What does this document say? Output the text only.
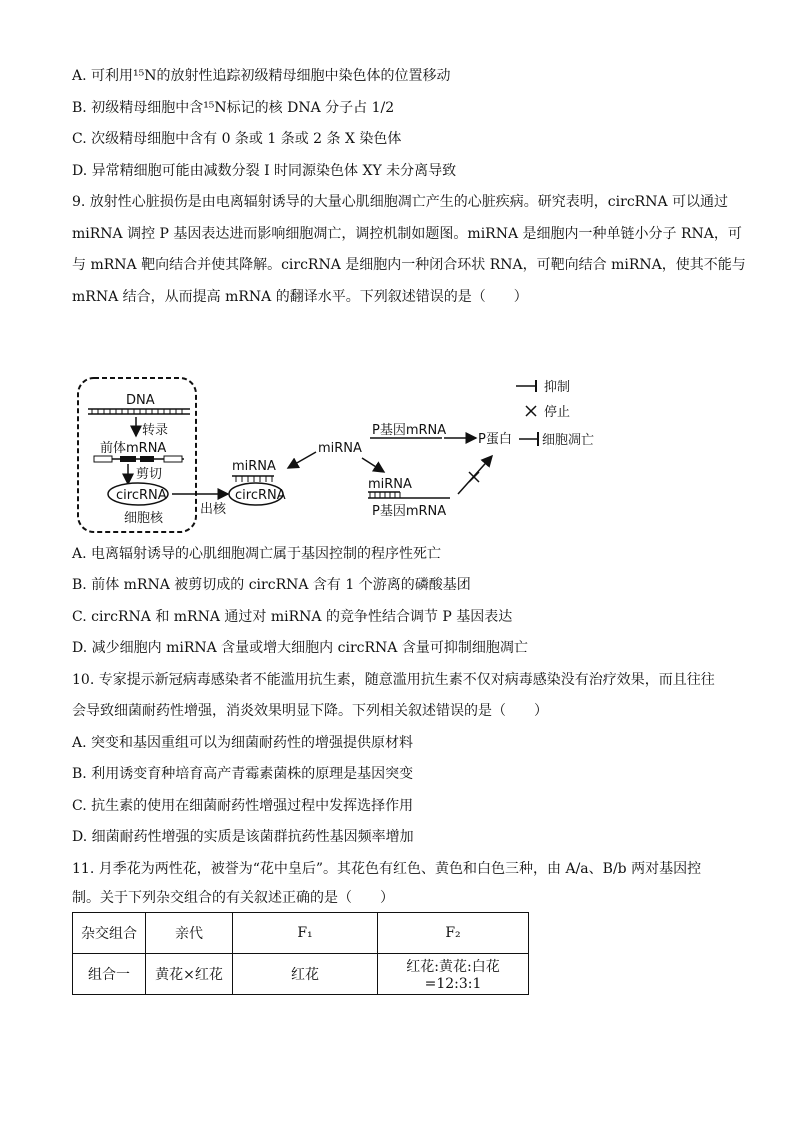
A. 可利用¹⁵N的放射性追踪初级精母细胞中染色体的位置移动
B. 初级精母细胞中含¹⁵N标记的核 DNA 分子占 1/2
C. 次级精母细胞中含有 0 条或 1 条或 2 条 X 染色体
D. 异常精细胞可能由减数分裂 I 时同源染色体 XY 未分离导致
9. 放射性心脏损伤是由电离辐射诱导的大量心肌细胞凋亡产生的心脏疾病。研究表明，circRNA 可以通过
miRNA 调控 P 基因表达进而影响细胞凋亡，调控机制如题图。miRNA 是细胞内一种单链小分子 RNA，可
与 mRNA 靶向结合并使其降解。circRNA 是细胞内一种闭合环状 RNA，可靶向结合 miRNA，使其不能与
mRNA 结合，从而提高 mRNA 的翻译水平。下列叙述错误的是（　　）
DNA
转录
前体mRNA
剪切
circRNA
细胞核
出核
miRNA
circRNA
miRNA
P基因mRNA
P蛋白 细胞凋亡
miRNA
P基因mRNA
抑制
停止
A. 电离辐射诱导的心肌细胞凋亡属于基因控制的程序性死亡
B. 前体 mRNA 被剪切成的 circRNA 含有 1 个游离的磷酸基团
C. circRNA 和 mRNA 通过对 miRNA 的竞争性结合调节 P 基因表达
D. 减少细胞内 miRNA 含量或增大细胞内 circRNA 含量可抑制细胞凋亡
10. 专家提示新冠病毒感染者不能滥用抗生素，随意滥用抗生素不仅对病毒感染没有治疗效果，而且往往
会导致细菌耐药性增强，消炎效果明显下降。下列相关叙述错误的是（　　）
A. 突变和基因重组可以为细菌耐药性的增强提供原材料
B. 利用诱变育种培育高产青霉素菌株的原理是基因突变
C. 抗生素的使用在细菌耐药性增强过程中发挥选择作用
D. 细菌耐药性增强的实质是该菌群抗药性基因频率增加
11. 月季花为两性花，被誉为“花中皇后”。其花色有红色、黄色和白色三种，由 A/a、B/b 两对基因控
制。关于下列杂交组合的有关叙述正确的是（　　）
杂交组合	亲代	F₁	F₂
组合一	黄花×红花	红花	红花:黄花:白花=12:3:1
